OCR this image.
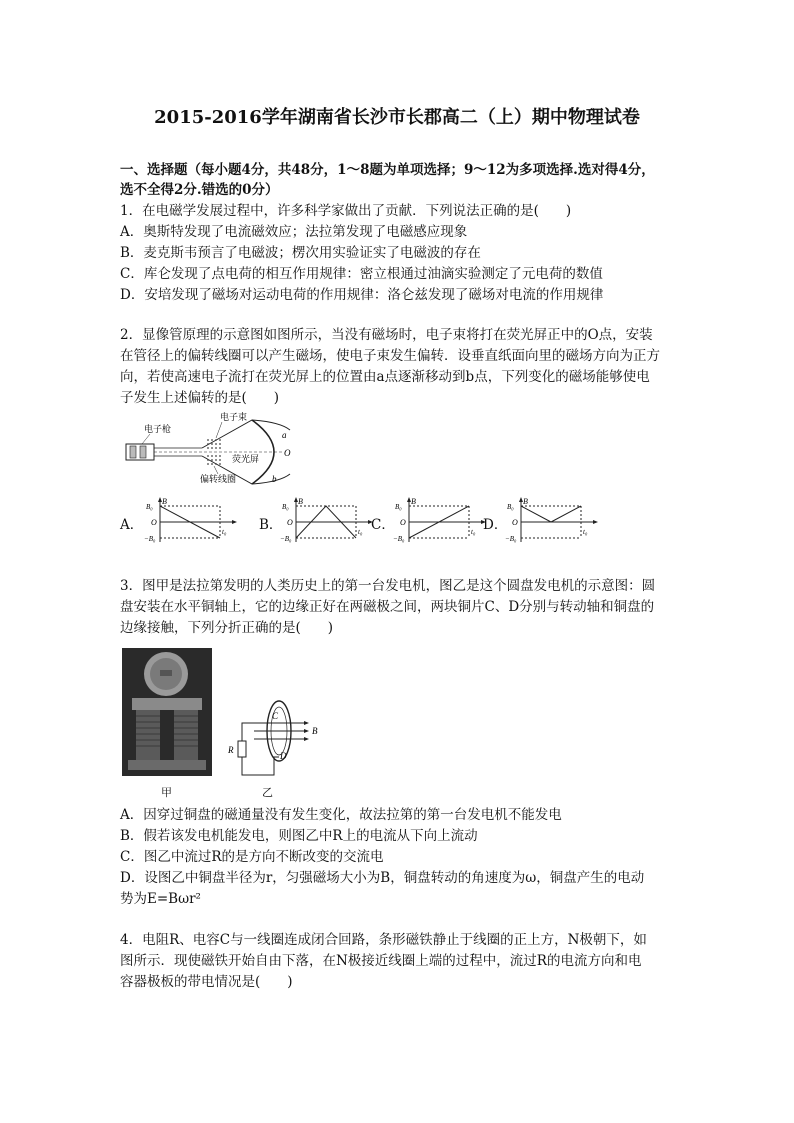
2015-2016学年湖南省长沙市长郡高二（上）期中物理试卷
一、选择题（每小题4分，共48分，1～8题为单项选择；9～12为多项选择.选对得4分，
选不全得2分.错选的0分）
1．在电磁学发展过程中，许多科学家做出了贡献．下列说法正确的是(　　)
A．奥斯特发现了电流磁效应；法拉第发现了电磁感应现象
B．麦克斯韦预言了电磁波；楞次用实验证实了电磁波的存在
C．库仑发现了点电荷的相互作用规律：密立根通过油滴实验测定了元电荷的数值
D．安培发现了磁场对运动电荷的作用规律：洛仑兹发现了磁场对电流的作用规律
2．显像管原理的示意图如图所示，当没有磁场时，电子束将打在荧光屏正中的O点，安装
在管径上的偏转线圈可以产生磁场，使电子束发生偏转．设垂直纸面向里的磁场方向为正方
向，若使高速电子流打在荧光屏上的位置由a点逐渐移动到b点，下列变化的磁场能够使电
子发生上述偏转的是(　　)
电子枪
电子束
荧光屏
偏转线圈
a
O
b
A．
B
B₀
O
−B₀
t₀ B．
B
B₀
O
−B₀
t₀ C．
B
B₀
O
−B₀
t₀ D．
B
B₀
O
−B₀
t₀
3．图甲是法拉第发明的人类历史上的第一台发电机，图乙是这个圆盘发电机的示意图：圆
盘安装在水平铜轴上，它的边缘正好在两磁极之间，两块铜片C、D分别与转动轴和铜盘的
边缘接触，下列分折正确的是(　　)
甲
C
D
B
R
乙
A．因穿过铜盘的磁通量没有发生变化，故法拉第的第一台发电机不能发电
B．假若该发电机能发电，则图乙中R上的电流从下向上流动
C．图乙中流过R的是方向不断改变的交流电
D．设图乙中铜盘半径为r，匀强磁场大小为B，铜盘转动的角速度为ω，铜盘产生的电动
势为E=Bωr²
4．电阻R、电容C与一线圈连成闭合回路，条形磁铁静止于线圈的正上方，N极朝下，如
图所示．现使磁铁开始自由下落，在N极接近线圈上端的过程中，流过R的电流方向和电
容器极板的带电情况是(　　)
